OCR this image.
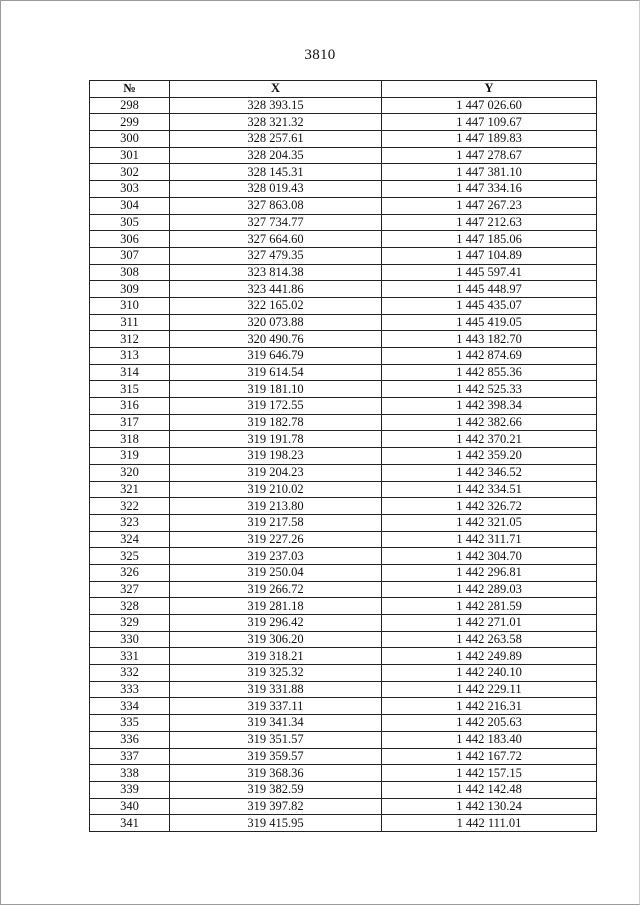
3810
№	X	Y
298	328 393.15	1 447 026.60
299	328 321.32	1 447 109.67
300	328 257.61	1 447 189.83
301	328 204.35	1 447 278.67
302	328 145.31	1 447 381.10
303	328 019.43	1 447 334.16
304	327 863.08	1 447 267.23
305	327 734.77	1 447 212.63
306	327 664.60	1 447 185.06
307	327 479.35	1 447 104.89
308	323 814.38	1 445 597.41
309	323 441.86	1 445 448.97
310	322 165.02	1 445 435.07
311	320 073.88	1 445 419.05
312	320 490.76	1 443 182.70
313	319 646.79	1 442 874.69
314	319 614.54	1 442 855.36
315	319 181.10	1 442 525.33
316	319 172.55	1 442 398.34
317	319 182.78	1 442 382.66
318	319 191.78	1 442 370.21
319	319 198.23	1 442 359.20
320	319 204.23	1 442 346.52
321	319 210.02	1 442 334.51
322	319 213.80	1 442 326.72
323	319 217.58	1 442 321.05
324	319 227.26	1 442 311.71
325	319 237.03	1 442 304.70
326	319 250.04	1 442 296.81
327	319 266.72	1 442 289.03
328	319 281.18	1 442 281.59
329	319 296.42	1 442 271.01
330	319 306.20	1 442 263.58
331	319 318.21	1 442 249.89
332	319 325.32	1 442 240.10
333	319 331.88	1 442 229.11
334	319 337.11	1 442 216.31
335	319 341.34	1 442 205.63
336	319 351.57	1 442 183.40
337	319 359.57	1 442 167.72
338	319 368.36	1 442 157.15
339	319 382.59	1 442 142.48
340	319 397.82	1 442 130.24
341	319 415.95	1 442 111.01
